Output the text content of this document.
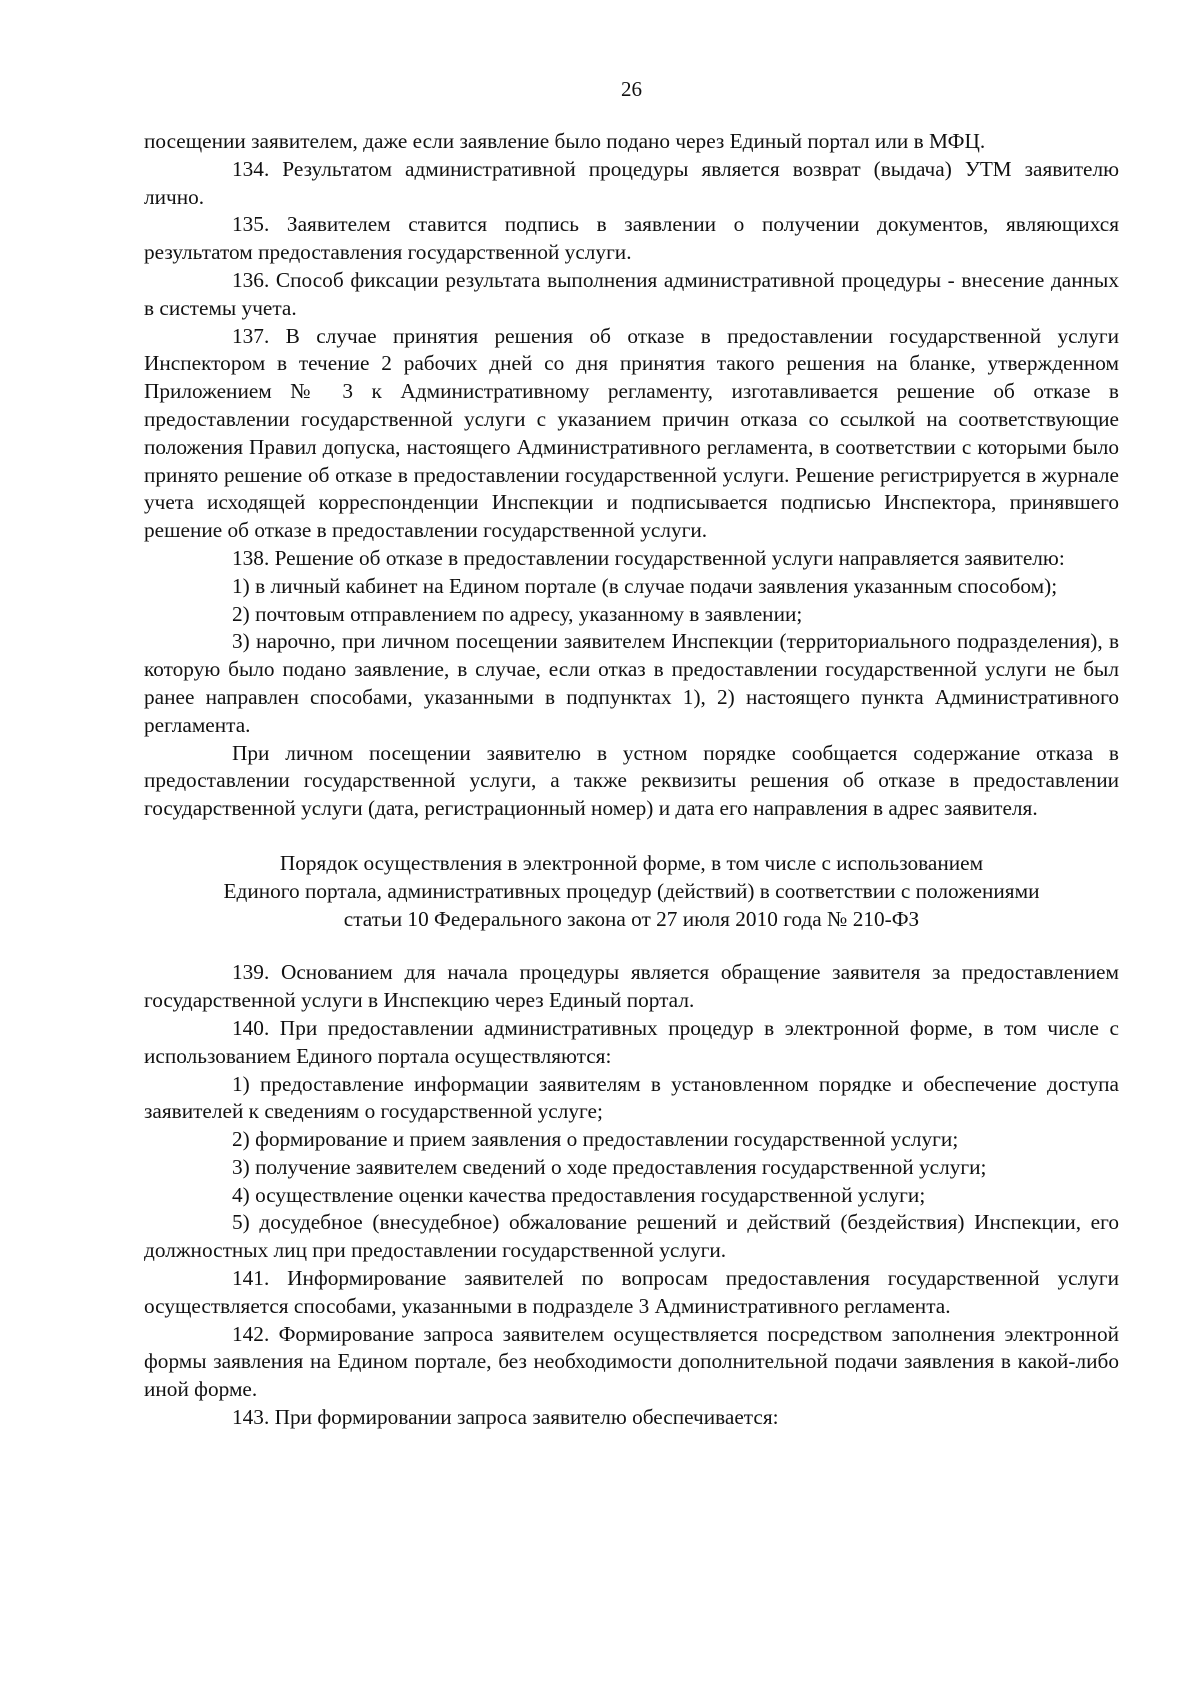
26

посещении заявителем, даже если заявление было подано через Единый портал или в МФЦ.

134. Результатом административной процедуры является возврат (выдача) УТМ заявителю лично.

135. Заявителем ставится подпись в заявлении о получении документов, являющихся результатом предоставления государственной услуги.

136. Способ фиксации результата выполнения административной процедуры - внесение данных в системы учета.

137. В случае принятия решения об отказе в предоставлении государственной услуги Инспектором в течение 2 рабочих дней со дня принятия такого решения на бланке, утвержденном Приложением № 3 к Административному регламенту, изготавливается решение об отказе в предоставлении государственной услуги с указанием причин отказа со ссылкой на соответствующие положения Правил допуска, настоящего Административного регламента, в соответствии с которыми было принято решение об отказе в предоставлении государственной услуги. Решение регистрируется в журнале учета исходящей корреспонденции Инспекции и подписывается подписью Инспектора, принявшего решение об отказе в предоставлении государственной услуги.

138. Решение об отказе в предоставлении государственной услуги направляется заявителю:

1) в личный кабинет на Едином портале (в случае подачи заявления указанным способом);

2) почтовым отправлением по адресу, указанному в заявлении;

3) нарочно, при личном посещении заявителем Инспекции (территориального подразделения), в которую было подано заявление, в случае, если отказ в предоставлении государственной услуги не был ранее направлен способами, указанными в подпунктах 1), 2) настоящего пункта Административного регламента.

При личном посещении заявителю в устном порядке сообщается содержание отказа в предоставлении государственной услуги, а также реквизиты решения об отказе в предоставлении государственной услуги (дата, регистрационный номер) и дата его направления в адрес заявителя.

Порядок осуществления в электронной форме, в том числе с использованием
Единого портала, административных процедур (действий) в соответствии с положениями
статьи 10 Федерального закона от 27 июля 2010 года № 210-ФЗ

139. Основанием для начала процедуры является обращение заявителя за предоставлением государственной услуги в Инспекцию через Единый портал.

140. При предоставлении административных процедур в электронной форме, в том числе с использованием Единого портала осуществляются:

1) предоставление информации заявителям в установленном порядке и обеспечение доступа заявителей к сведениям о государственной услуге;

2) формирование и прием заявления о предоставлении государственной услуги;

3) получение заявителем сведений о ходе предоставления государственной услуги;

4) осуществление оценки качества предоставления государственной услуги;

5) досудебное (внесудебное) обжалование решений и действий (бездействия) Инспекции, его должностных лиц при предоставлении государственной услуги.

141. Информирование заявителей по вопросам предоставления государственной услуги осуществляется способами, указанными в подразделе 3 Административного регламента.

142. Формирование запроса заявителем осуществляется посредством заполнения электронной формы заявления на Едином портале, без необходимости дополнительной подачи заявления в какой-либо иной форме.

143. При формировании запроса заявителю обеспечивается:
